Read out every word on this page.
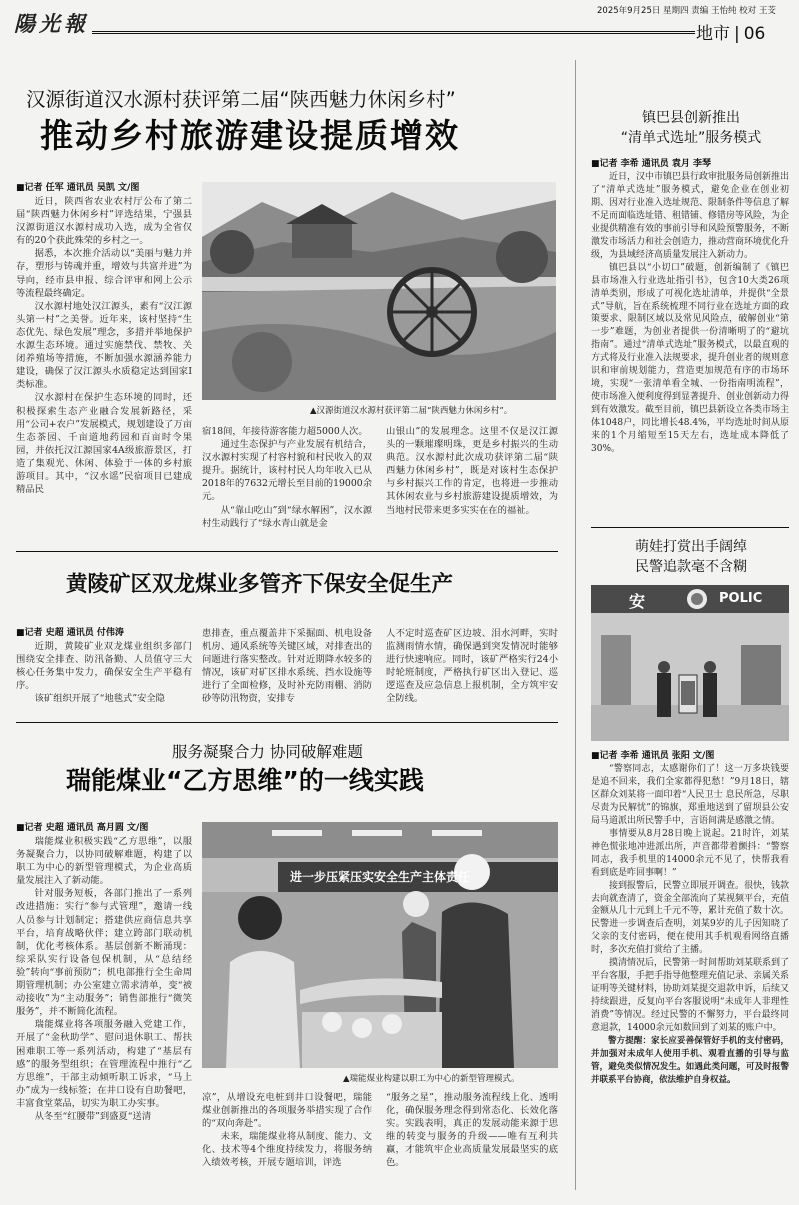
陽光報	2025年9月25日 星期四 责编 王怡纯 校对 王芠
地市 | 06
汉源街道汉水源村获评第二届“陕西魅力休闲乡村”
推动乡村旅游建设提质增效

■记者 任军 通讯员 吴凯 文/图

近日，陕西省农业农村厅公布了第二届“陕西魅力休闲乡村”评选结果，宁强县汉源街道汉水源村成功入选，成为全省仅有的20个获此殊荣的乡村之一。

据悉，本次推介活动以“美丽与魅力并存，塑形与铸魂并重，增效与共富并进”为导向，经市县申报、综合评审和网上公示等流程最终确定。

汉水源村地处汉江源头，素有“汉江源头第一村”之美誉。近年来，该村坚持“生态优先、绿色发展”理念，多措并举地保护水源生态环境。通过实施禁伐、禁牧、关闭养殖场等措施，不断加强水源涵养能力建设，确保了汉江源头水质稳定达到国家Ⅰ类标准。

汉水源村在保护生态环境的同时，还积极探索生态产业融合发展新路径，采用“公司+农户”发展模式，规划建设了万亩生态茶园、千亩道地药园和百亩时令果园，并依托汉江源国家4A级旅游景区，打造了集观光、休闲、体验于一体的乡村旅游项目。其中，“汉水谣”民宿项目已建成精品民

▲汉源街道汉水源村获评第二届“陕西魅力休闲乡村”。

宿18间，年接待游客能力超5000人次。

通过生态保护与产业发展有机结合，汉水源村实现了村容村貌和村民收入的双提升。据统计，该村村民人均年收入已从2018年的7632元增长至目前的19000余元。

从“靠山吃山”到“绿水解困”，汉水源村生动践行了“绿水青山就是金

山银山”的发展理念。这里不仅是汉江源头的一颗璀璨明珠，更是乡村振兴的生动典范。汉水源村此次成功获评第二届“陕西魅力休闲乡村”，既是对该村生态保护与乡村振兴工作的肯定，也将进一步推动其休闲农业与乡村旅游建设提质增效，为当地村民带来更多实实在在的福祉。

黄陵矿区双龙煤业多管齐下保安全促生产

■记者 史超 通讯员 付伟涛

近期，黄陵矿业双龙煤业组织多部门围绕安全排查、防汛备勤、人员值守三大核心任务集中发力，确保安全生产平稳有序。

该矿组织开展了“地毯式”安全隐

患排查，重点覆盖井下采掘面、机电设备机房、通风系统等关键区域，对排查出的问题进行落实整改。针对近期降水较多的情况，该矿对矿区排水系统、挡水设施等进行了全面检修，及时补充防雨棚、消防砂等防汛物资，安排专

人不定时巡查矿区边坡、泪水河畔，实时监测雨情水情，确保遇到突发情况时能够进行快速响应。同时，该矿严格实行24小时轮班制度，严格执行矿区出入登记、巡逻巡查及应急信息上报机制，全方筑牢安全防线。

服务凝聚合力 协同破解难题
瑞能煤业“乙方思维”的一线实践

■记者 史超 通讯员 高月圆 文/图

瑞能煤业积极实践“乙方思维”，以服务凝聚合力，以协同破解难题，构建了以职工为中心的新型管理模式，为企业高质量发展注入了新动能。

针对服务短板，各部门推出了一系列改进措施：实行“参与式管理”，邀请一线人员参与计划制定；搭建供应商信息共享平台，培育战略伙伴；建立跨部门联动机制，优化考核体系。基层创新不断涌现：综采队实行设备包保机制，从“总结经验”转向“事前预防”；机电部推行全生命周期管理机制；办公室建立需求清单，变“被动接收”为“主动服务”；销售部推行“微笑服务”，并不断简化流程。

瑞能煤业将各项服务融入党建工作，开展了“金秋助学”、慰问退休职工、帮扶困难职工等一系列活动，构建了“基层有感”的服务型组织；在管理流程中推行“乙方思维”，干部主动倾听职工诉求，“马上办”成为一线标签；在井口设有自助餐吧，丰富食堂菜品，切实为职工办实事。

从冬至“红腰带”到盛夏“送清

进一步压紧压实安全生产主体责任
▲瑞能煤业构建以职工为中心的新型管理模式。

凉”，从增设充电桩到井口设餐吧，瑞能煤业创新推出的各项服务举措实现了合作的“双向奔赴”。

未来，瑞能煤业将从制度、能力、文化、技术等4个维度持续发力，将服务纳入绩效考核，开展专题培训，评选

“服务之星”，推动服务流程线上化、透明化，确保服务理念得到常态化、长效化落实。实践表明，真正的发展动能来源于思维的转变与服务的升级——唯有互利共赢，才能筑牢企业高质量发展最坚实的底色。

镇巴县创新推出
“清单式选址”服务模式

■记者 李希 通讯员 袁月 李琴

近日，汉中市镇巴县行政审批服务局创新推出了“清单式选址”服务模式，避免企业在创业初期、因对行业准入选址规范、限制条件等信息了解不足而面临选址错、租错铺、修错房等风险，为企业提供精准有效的事前引导和风险预警服务，不断激发市场活力和社会创造力，推动营商环境优化升级，为县域经济高质量发展注入新动力。

镇巴县以“小切口”破题，创新编制了《镇巴县市场准入行业选址指引书》，包含10大类26项清单类别，形成了可视化选址清单，并提供“全景式”导航，旨在系统梳理不同行业在选址方面的政策要求、限制区域以及常见风险点，破解创业“第一步”难题，为创业者提供一份清晰明了的“避坑指南”。通过“清单式选址”服务模式，以最直观的方式将及行业准入法规要求，提升创业者的规则意识和审前规划能力，营造更加规范有序的市场环境，实现“一张清单看全城、一份指南明流程”，使市场准入便利度得到显著提升、创业创新动力得到有效激发。截至目前，镇巴县新设立各类市场主体1048户，同比增长48.4%，平均选址时间从原来的1个月缩短至15天左右，选址成本降低了30%。

萌娃打赏出手阔绰
民警追款毫不含糊
安	POLIC

■记者 李希 通讯员 张阳 文/图

“警察同志，太感谢你们了！这一万多块钱要是追不回来，我们全家都得犯愁！”9月18日，辖区群众刘某将一面印着“人民卫士 息民所急，尽职尽责为民解忧”的锦旗，郑重地送到了留坝县公安局马道派出所民警手中，言语间满是感激之情。

事情要从8月28日晚上说起。21时许，刘某神色慌张地冲进派出所，声音都带着颤抖：“警察同志，我手机里的14000余元不见了，快帮我看看到底是咋回事啊！”

接到报警后，民警立即展开调查。很快，钱款去向就查清了，资金全部流向了某视频平台，充值金额从几十元到上千元不等，累计充值了数十次。民警进一步调查后查明，刘某9岁的儿子因知晓了父亲的支付密码，便在使用其手机观看网络直播时，多次充值打赏给了主播。

摸清情况后，民警第一时间帮助刘某联系到了平台客服，手把手指导他整理充值记录、亲属关系证明等关键材料，协助刘某提交退款申诉，后续又持续跟进，反复向平台客服说明“未成年人非理性消费”等情况。经过民警的不懈努力，平台最终同意退款，14000余元如数回到了刘某的账户中。

警方提醒：家长应妥善保管好手机的支付密码，并加强对未成年人使用手机、观看直播的引导与监管，避免类似情况发生。如遇此类问题，可及时报警并联系平台协商，依法维护自身权益。
